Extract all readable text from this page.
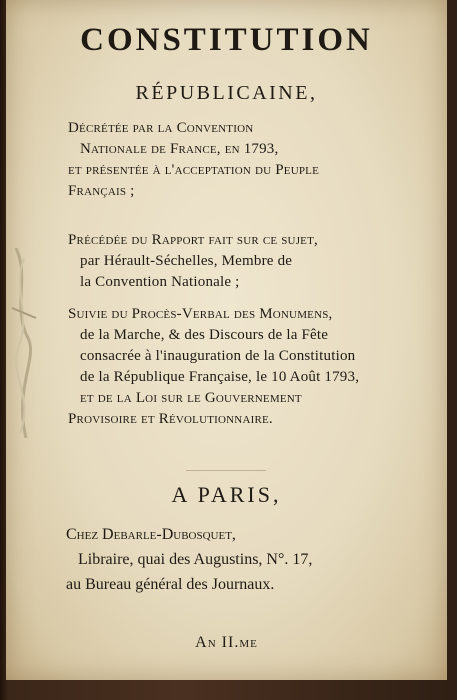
CONSTITUTION
RÉPUBLICAINE,
Décrétée par la Convention
Nationale de France, en 1793,
et présentée à l'acceptation du Peuple
Français ;
Précédée du Rapport fait sur ce sujet,
par Hérault-Séchelles, Membre de
la Convention Nationale ;
Suivie du Procès-Verbal des Monumens,
de la Marche, & des Discours de la Fête
consacrée à l'inauguration de la Constitution
de la République Française, le 10 Août 1793,
et de la Loi sur le Gouvernement
Provisoire et Révolutionnaire.
A PARIS,
Chez Debarle-Dubosquet,
Libraire, quai des Augustins, N°. 17,
au Bureau général des Journaux.
An II.me
